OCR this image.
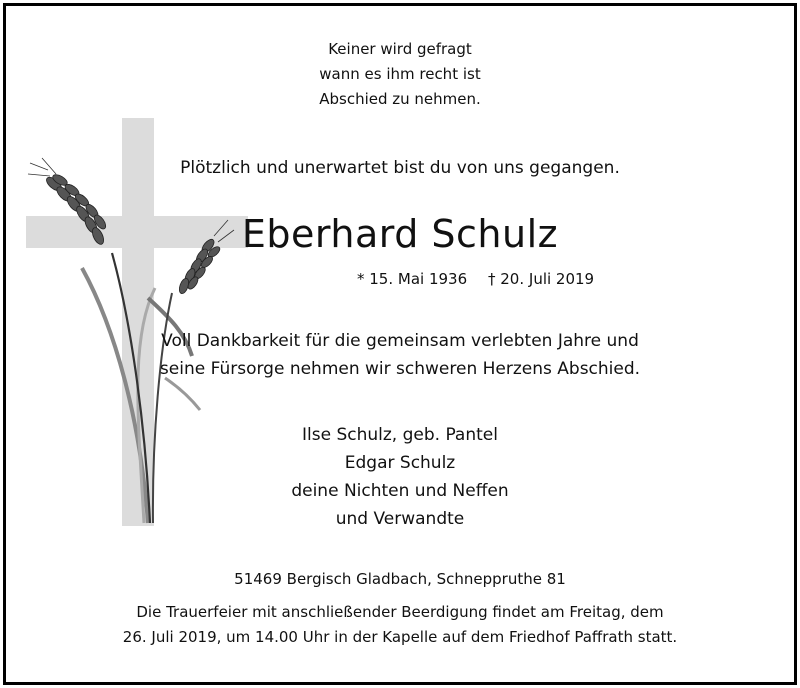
Keiner wird gefragt
wann es ihm recht ist
Abschied zu nehmen.
Plötzlich und unerwartet bist du von uns gegangen.
Eberhard Schulz
* 15. Mai 1936 † 20. Juli 2019
Voll Dankbarkeit für die gemeinsam verlebten Jahre und
seine Fürsorge nehmen wir schweren Herzens Abschied.
Ilse Schulz, geb. Pantel
Edgar Schulz
deine Nichten und Neffen
und Verwandte
51469 Bergisch Gladbach, Schneppruthe 81
Die Trauerfeier mit anschließender Beerdigung findet am Freitag, dem
26. Juli 2019, um 14.00 Uhr in der Kapelle auf dem Friedhof Paffrath statt.
